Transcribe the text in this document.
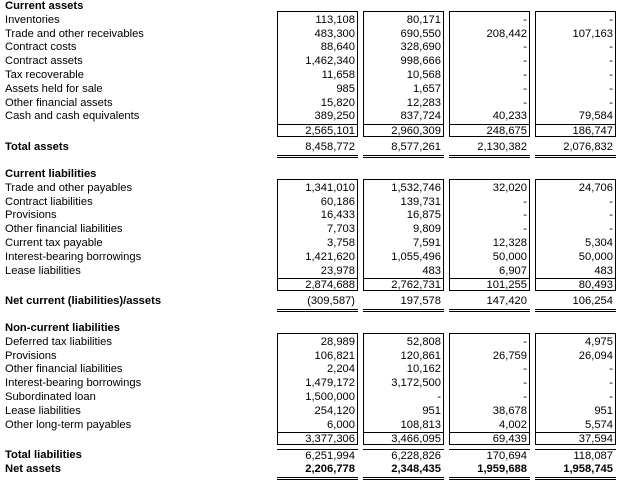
Current assets
Inventories	113,108	80,171	-	-
Trade and other receivables	483,300	690,550	208,442	107,163
Contract costs	88,640	328,690	-	-
Contract assets	1,462,340	998,666	-	-
Tax recoverable	11,658	10,568	-	-
Assets held for sale	985	1,657	-	-
Other financial assets	15,820	12,283	-	-
Cash and cash equivalents	389,250	837,724	40,233	79,584
2,565,101	2,960,309	248,675	186,747
Total assets	8,458,772	8,577,261	2,130,382	2,076,832
Current liabilities
Trade and other payables	1,341,010	1,532,746	32,020	24,706
Contract liabilities	60,186	139,731	-	-
Provisions	16,433	16,875	-	-
Other financial liabilities	7,703	9,809	-	-
Current tax payable	3,758	7,591	12,328	5,304
Interest-bearing borrowings	1,421,620	1,055,496	50,000	50,000
Lease liabilities	23,978	483	6,907	483
2,874,688	2,762,731	101,255	80,493
Net current (liabilities)/assets	(309,587)	197,578	147,420	106,254
Non-current liabilities
Deferred tax liabilities	28,989	52,808	-	4,975
Provisions	106,821	120,861	26,759	26,094
Other financial liabilities	2,204	10,162	-	-
Interest-bearing borrowings	1,479,172	3,172,500	-	-
Subordinated loan	1,500,000	-	-	-
Lease liabilities	254,120	951	38,678	951
Other long-term payables	6,000	108,813	4,002	5,574
3,377,306	3,466,095	69,439	37,594
Total liabilities	6,251,994	6,228,826	170,694	118,087
Net assets	2,206,778	2,348,435	1,959,688	1,958,745
